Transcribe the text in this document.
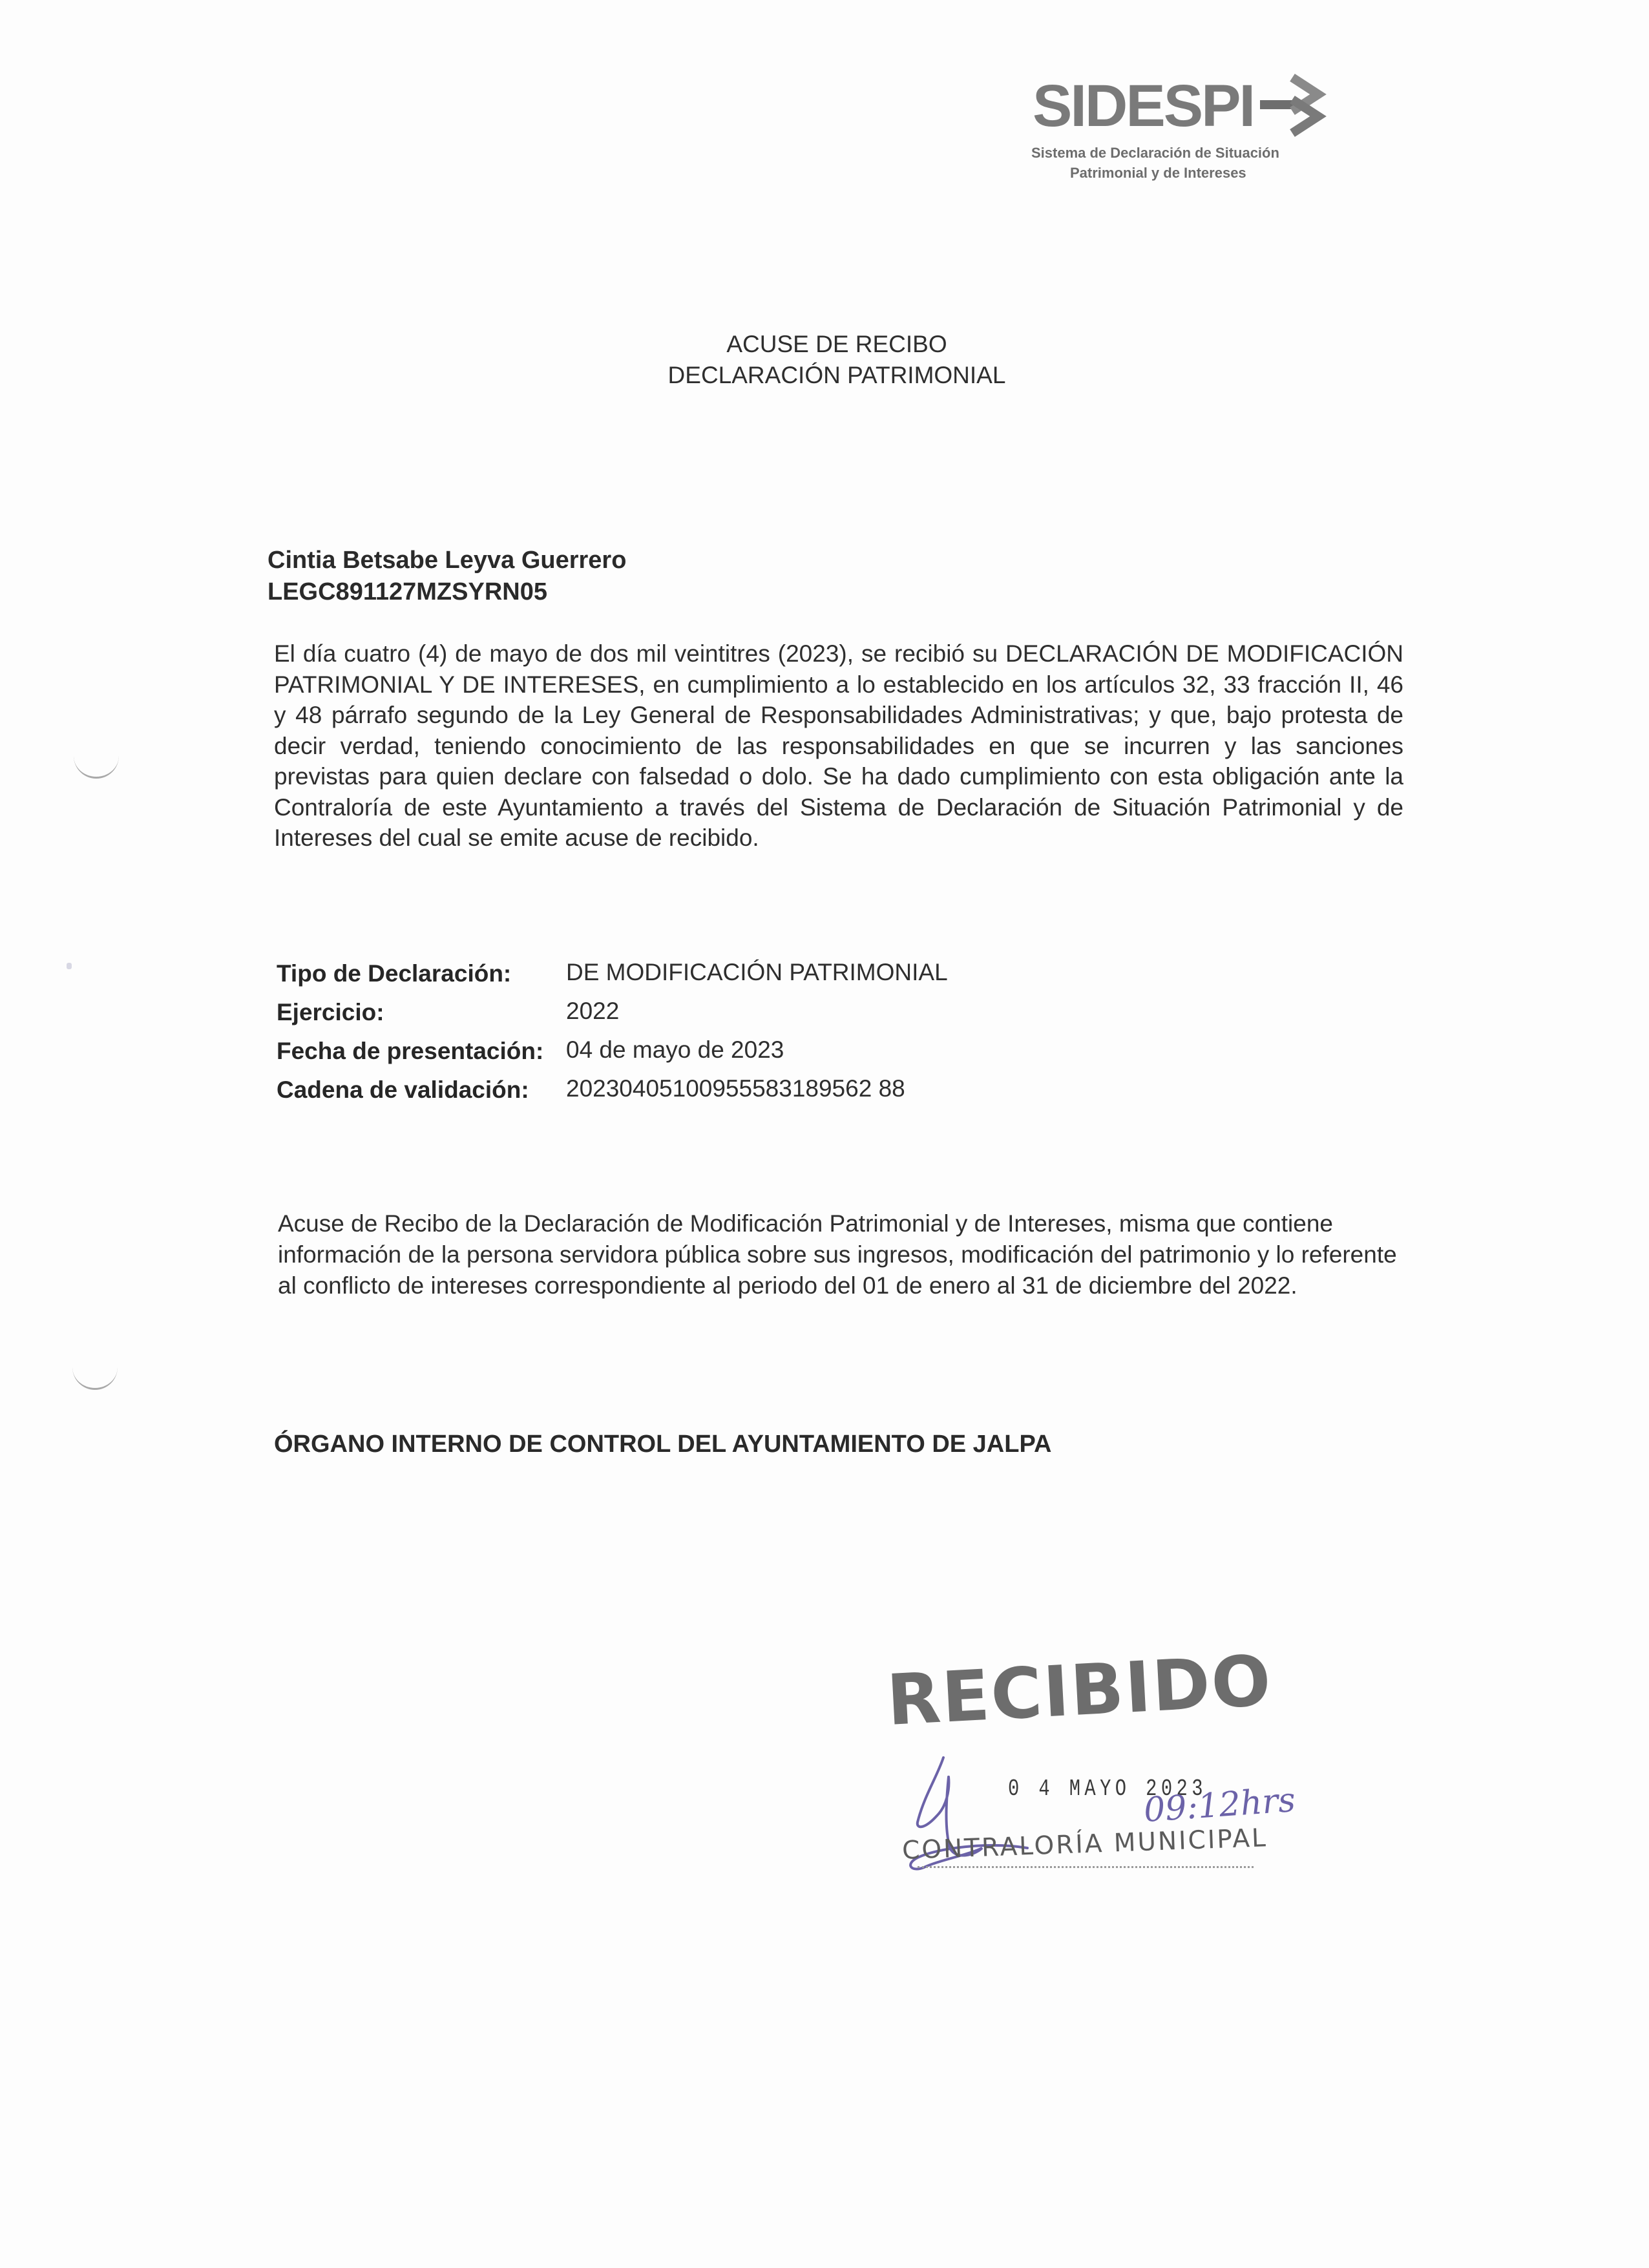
SIDESPI
Sistema de Declaración de Situación
Patrimonial y de Intereses
ACUSE DE RECIBO
DECLARACIÓN PATRIMONIAL
Cintia Betsabe Leyva Guerrero
LEGC891127MZSYRN05
El día cuatro (4) de mayo de dos mil veintitres (2023), se recibió su DECLARACIÓN DE MODIFICACIÓN PATRIMONIAL Y DE INTERESES, en cumplimiento a lo establecido en los artículos 32, 33 fracción II, 46 y 48 párrafo segundo de la Ley General de Responsabilidades Administrativas; y que, bajo protesta de decir verdad, teniendo conocimiento de las responsabilidades en que se incurren y las sanciones previstas para quien declare con falsedad o dolo. Se ha dado cumplimiento con esta obligación ante la Contraloría de este Ayuntamiento a través del Sistema de Declaración de Situación Patrimonial y de Intereses del cual se emite acuse de recibido.
Tipo de Declaración: DE MODIFICACIÓN PATRIMONIAL
Ejercicio:	2022
Fecha de presentación: 04 de mayo de 2023
Cadena de validación: 20230405100955583189562 88
Acuse de Recibo de la Declaración de Modificación Patrimonial y de Intereses, misma que contiene información de la persona servidora pública sobre sus ingresos, modificación del patrimonio y lo referente al conflicto de intereses correspondiente al periodo del 01 de enero al 31 de diciembre del 2022.
ÓRGANO INTERNO DE CONTROL DEL AYUNTAMIENTO DE JALPA
RECIBIDO
0 4 MAYO 2023
09:12hrs
CONTRALORÍA MUNICIPAL
